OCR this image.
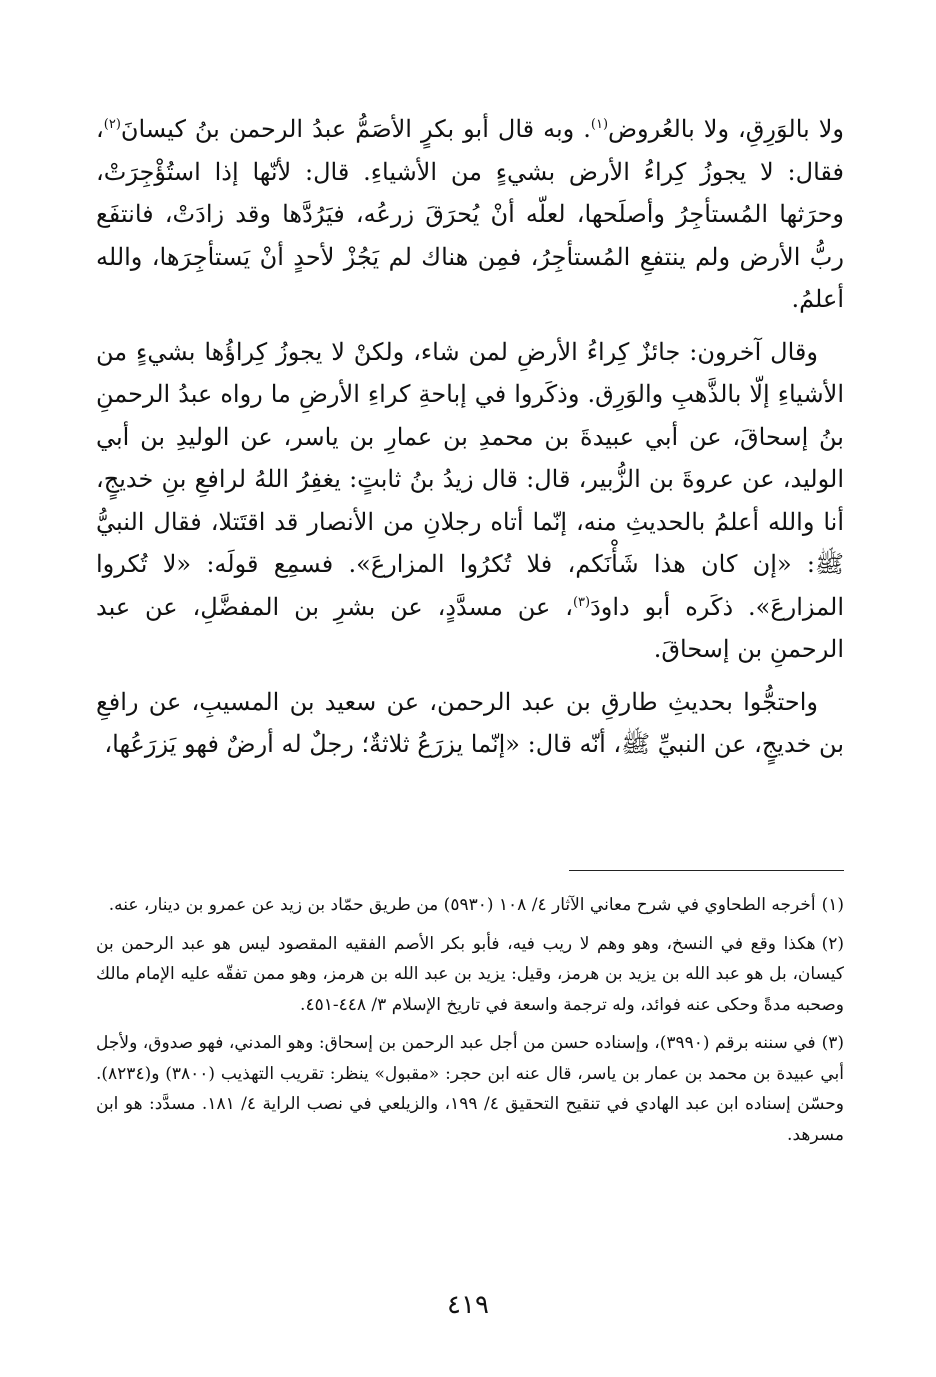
ولا بالوَرِقِ، ولا بالعُروض$^{(١)}$. وبه قال أبو بكرٍ الأصَمُّ عبدُ الرحمن بنُ كيسانَ$^{(٢)}$، فقال: لا يجوزُ كِراءُ الأرض بشيءٍ من الأشياءِ. قال: لأنّها إذا استُؤْجِرَتْ، وحرَثها المُستأجِرُ وأصلَحها، لعلّه أنْ يُحرَقَ زرعُه، فيَرُدَّها وقد زادَتْ، فانتفَع ربُّ الأرض ولم ينتفعِ المُستأجِرُ، فمِن هناك لم يَجُزْ لأحدٍ أنْ يَستأجِرَها، والله أعلمُ.

وقال آخرون: جائزٌ كِراءُ الأرضِ لمن شاء، ولكنْ لا يجوزُ كِراؤُها بشيءٍ من الأشياءِ إلّا بالذَّهبِ والوَرِق. وذكَروا في إباحةِ كراءِ الأرضِ ما رواه عبدُ الرحمنِ بنُ إسحاقَ، عن أبي عبيدةَ بن محمدِ بن عمارِ بن ياسر، عن الوليدِ بن أبي الوليد، عن عروةَ بن الزُّبير، قال: قال زيدُ بنُ ثابتٍ: يغفِرُ اللهُ لرافعِ بنِ خديجٍ، أنا والله أعلمُ بالحديثِ منه، إنّما أتاه رجلانِ من الأنصار قد اقتَتلا، فقال النبيُّ ﷺ: «إن كان هذا شَأْنَكم، فلا تُكرُوا المزارعَ». فسمِع قولَه: «لا تُكروا المزارعَ». ذكَره أبو داودَ$^{(٣)}$، عن مسدَّدٍ، عن بشرِ بن المفضَّلِ، عن عبد الرحمنِ بن إسحاقَ.

واحتجُّوا بحديثِ طارقِ بن عبد الرحمن، عن سعيد بن المسيبِ، عن رافعِ بن خديجٍ، عن النبيِّ ﷺ، أنّه قال: «إنّما يزرَعُ ثلاثةٌ؛ رجلٌ له أرضٌ فهو يَزرَعُها،

(١)أخرجه الطحاوي في شرح معاني الآثار ٤/ ١٠٨ (٥٩٣٠) من طريق حمّاد بن زيد عن عمرو بن دينار، عنه.
(٢)هكذا وقع في النسخ، وهو وهم لا ريب فيه، فأبو بكر الأصم الفقيه المقصود ليس هو عبد الرحمن بن كيسان، بل هو عبد الله بن يزيد بن هرمز، وقيل: يزيد بن عبد الله بن هرمز، وهو ممن تفقّه عليه الإمام مالك وصحبه مدةً وحكى عنه فوائد، وله ترجمة واسعة في تاريخ الإسلام ٣/ ٤٤٨-٤٥١.
(٣)في سننه برقم (٣٩٩٠)، وإسناده حسن من أجل عبد الرحمن بن إسحاق: وهو المدني، فهو صدوق، ولأجل أبي عبيدة بن محمد بن عمار بن ياسر، قال عنه ابن حجر: «مقبول» ينظر: تقريب التهذيب (٣٨٠٠) و(٨٢٣٤). وحسّن إسناده ابن عبد الهادي في تنقيح التحقيق ٤/ ١٩٩، والزيلعي في نصب الراية ٤/ ١٨١. مسدَّد: هو ابن مسرهد.
٤١٩
